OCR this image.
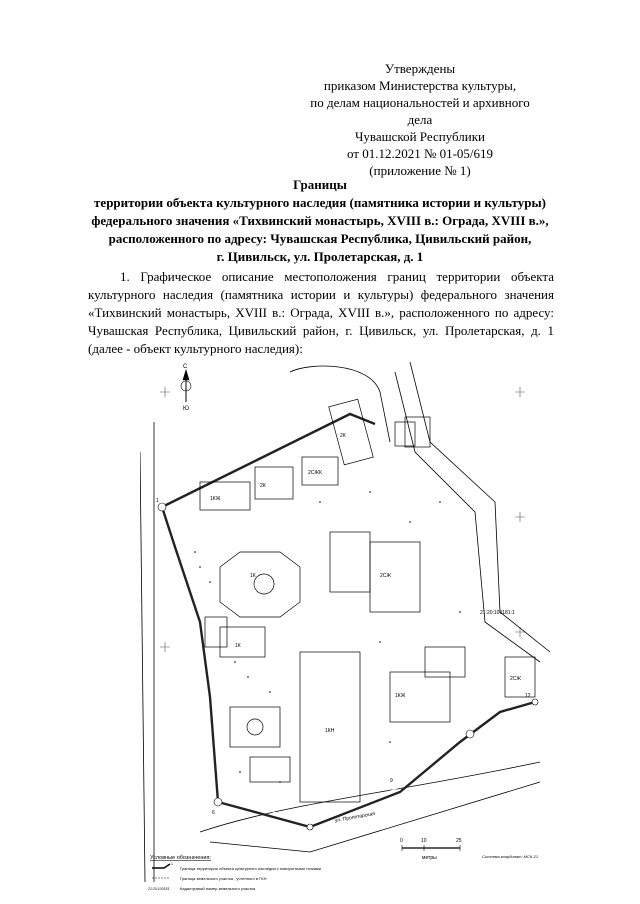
Утверждены
приказом Министерства культуры,
по делам национальностей и архивного дела
Чувашской Республики
от 01.12.2021 № 01-05/619
(приложение № 1)
Границы
территории объекта культурного наследия (памятника истории и культуры)
федерального значения «Тихвинский монастырь, XVIII в.: Ограда, XVIII в.»,
расположенного по адресу: Чувашская Республика, Цивильский район,
г. Цивильск, ул. Пролетарская, д. 1
1. Графическое описание местоположения границ территории объекта
культурного наследия (памятника истории и культуры) федерального значения
«Тихвинский монастырь, XVIII в.: Ограда, XVIII в.», расположенного по адресу:
Чувашская Республика, Цивильский район, г. Цивильск, ул. Пролетарская, д. 1
(далее - объект культурного наследия):
С
Ю
2К
2К
2СЖК
1КЖ
1К	2СЖ
1КН
1К
1КЖ
2СЖ
21:20:100181:1
ул. Пролетарская
1
6
9
12
0	10	25
метры	Система координат: МСК-21
Условные обозначения:
1
Граница территории объекта культурного наследия с поворотными точками
Граница земельного участка , учтенного в ГКН
21:20:100181	Кадастровый номер земельного участка
